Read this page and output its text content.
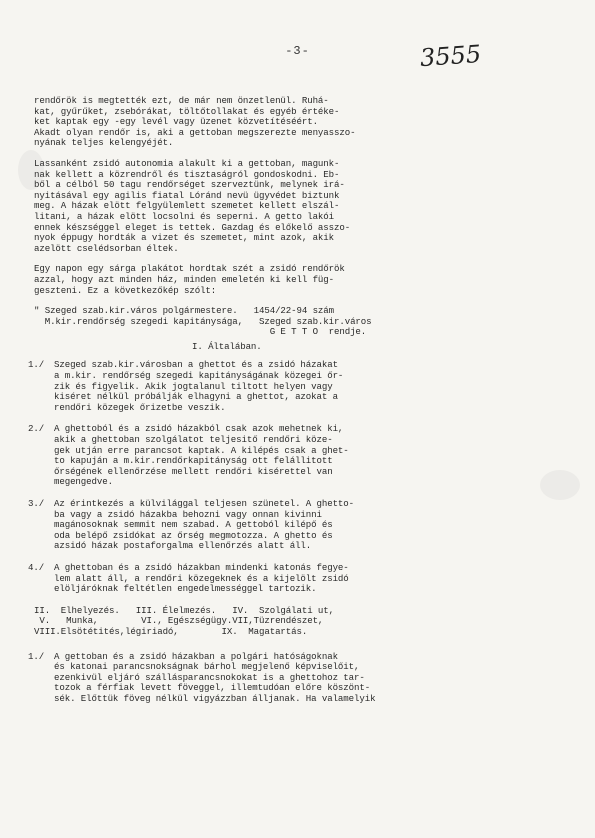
-3-	3555
rendőrök is megtették ezt, de már nem önzetlenül. Ruhá-
kat, gyűrűket, zsebórákat, töltőtollakat és egyéb értéke-
ket kaptak egy -egy levél vagy üzenet közvetítéséért.
Akadt olyan rendőr is, aki a gettoban megszerezte menyasszo-
nyának teljes kelengyéjét.
Lassanként zsidó autonomia alakult ki a gettoban, magunk-
nak kellett a közrendről és tisztaságról gondoskodni. Eb-
ből a célból 50 tagu rendőrséget szerveztünk, melynek irá-
nyitásával egy agilis fiatal Lóránd nevü ügyvédet biztunk
meg. A házak elött felgyülemlett szemetet kellett elszál-
litani, a házak elött locsolni és seperni. A getto lakói
ennek készséggel eleget is tettek. Gazdag és előkelő asszo-
nyok éppugy hordták a vizet és szemetet, mint azok, akik
azelött cselédsorban éltek.
Egy napon egy sárga plakátot hordtak szét a zsidó rendőrök
azzal, hogy azt minden ház, minden emeletén ki kell füg-
geszteni. Ez a következőkép szólt:
" Szeged szab.kir.város polgármestere.   1454/22-94 szám
M.kir.rendőrség szegedi kapitánysága,   Szeged szab.kir.város
G E T T O  rendje.
I. Általában.
1./	Szeged szab.kir.városban a ghettot és a zsidó házakat
a m.kir. rendőrség szegedi kapitányságának közegei őr-
zik és figyelik. Akik jogtalanul tiltott helyen vagy
kiséret nélkül próbálják elhagyni a ghettot, azokat a
rendőri közegek őrizetbe veszik.
2./	A ghettoból és a zsidó házakból csak azok mehetnek ki,
akik a ghettoban szolgálatot teljesitő rendőri köze-
gek utján erre parancsot kaptak. A kilépés csak a ghet-
to kapuján a m.kir.rendőrkapitányság ott felállitott
őrségének ellenőrzése mellett rendőri kisérettel van
megengedve.
3./	Az érintkezés a külvilággal teljesen szünetel. A ghetto-
ba vagy a zsidó házakba behozni vagy onnan kivinni
magánosoknak semmit nem szabad. A gettoból kilépő és
oda belépő zsidókat az őrség megmotozza. A ghetto és
azsidó házak postaforgalma ellenőrzés alatt áll.
4./	A ghettoban és a zsidó házakban mindenki katonás fegye-
lem alatt áll, a rendőri közegeknek és a kijelölt zsidó
elöljáróknak feltétlen engedelmességgel tartozik.
II.  Elhelyezés.   III. Élelmezés.   IV.  Szolgálati ut,
V.   Munka,        VI., Egészségügy.VII,Tüzrendészet,
VIII.Elsötétités,légiriadó,        IX.  Magatartás.
1./	A gettoban és a zsidó házakban a polgári hatóságoknak
és katonai parancsnokságnak bárhol megjelenő képviselőit,
ezenkivül eljáró szállásparancsnokokat is a ghettohoz tar-
tozok a férfiak levett föveggel, illemtudóan előre köszönt-
sék. Előttük föveg nélkül vigyázzban álljanak. Ha valamelyik
